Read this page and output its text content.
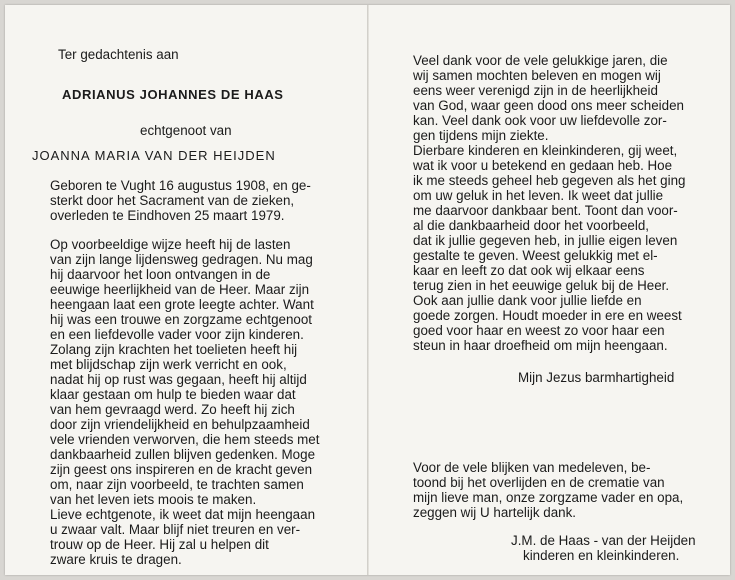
Ter gedachtenis aan
ADRIANUS JOHANNES DE HAAS
echtgenoot van
JOANNA MARIA VAN DER HEIJDEN
Geboren te Vught 16 augustus 1908, en ge-
sterkt door het Sacrament van de zieken,
overleden te Eindhoven 25 maart 1979.
Op voorbeeldige wijze heeft hij de lasten
van zijn lange lijdensweg gedragen. Nu mag
hij daarvoor het loon ontvangen in de
eeuwige heerlijkheid van de Heer. Maar zijn
heengaan laat een grote leegte achter. Want
hij was een trouwe en zorgzame echtgenoot
en een liefdevolle vader voor zijn kinderen.
Zolang zijn krachten het toelieten heeft hij
met blijdschap zijn werk verricht en ook,
nadat hij op rust was gegaan, heeft hij altijd
klaar gestaan om hulp te bieden waar dat
van hem gevraagd werd. Zo heeft hij zich
door zijn vriendelijkheid en behulpzaamheid
vele vrienden verworven, die hem steeds met
dankbaarheid zullen blijven gedenken. Moge
zijn geest ons inspireren en de kracht geven
om, naar zijn voorbeeld, te trachten samen
van het leven iets moois te maken.
Lieve echtgenote, ik weet dat mijn heengaan
u zwaar valt. Maar blijf niet treuren en ver-
trouw op de Heer. Hij zal u helpen dit
zware kruis te dragen.
Veel dank voor de vele gelukkige jaren, die
wij samen mochten beleven en mogen wij
eens weer verenigd zijn in de heerlijkheid
van God, waar geen dood ons meer scheiden
kan. Veel dank ook voor uw liefdevolle zor-
gen tijdens mijn ziekte.
Dierbare kinderen en kleinkinderen, gij weet,
wat ik voor u betekend en gedaan heb. Hoe
ik me steeds geheel heb gegeven als het ging
om uw geluk in het leven. Ik weet dat jullie
me daarvoor dankbaar bent. Toont dan voor-
al die dankbaarheid door het voorbeeld,
dat ik jullie gegeven heb, in jullie eigen leven
gestalte te geven. Weest gelukkig met el-
kaar en leeft zo dat ook wij elkaar eens
terug zien in het eeuwige geluk bij de Heer.
Ook aan jullie dank voor jullie liefde en
goede zorgen. Houdt moeder in ere en weest
goed voor haar en weest zo voor haar een
steun in haar droefheid om mijn heengaan.
Mijn Jezus barmhartigheid
Voor de vele blijken van medeleven, be-
toond bij het overlijden en de crematie van
mijn lieve man, onze zorgzame vader en opa,
zeggen wij U hartelijk dank.
J.M. de Haas - van der Heijden
kinderen en kleinkinderen.
